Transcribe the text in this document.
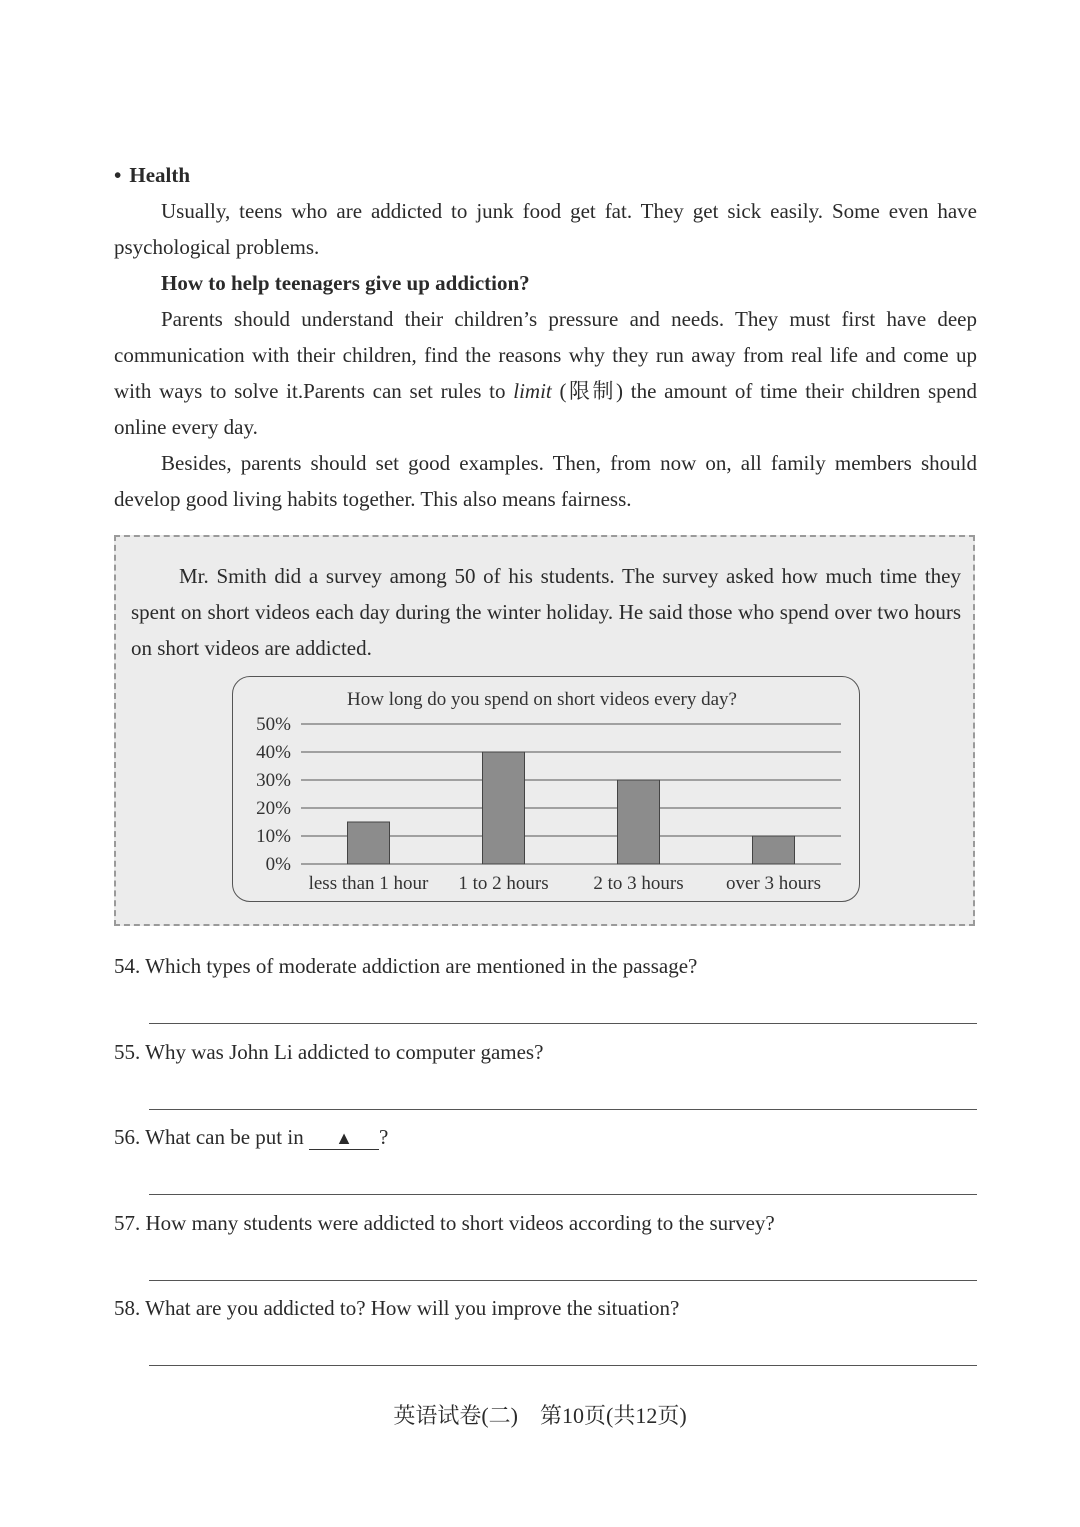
• Health

Usually, teens who are addicted to junk food get fat. They get sick easily. Some even have psychological problems.

How to help teenagers give up addiction?

Parents should understand their children’s pressure and needs. They must first have deep communication with their children, find the reasons why they run away from real life and come up with ways to solve it.Parents can set rules to limit (限制) the amount of time their children spend online every day.

Besides, parents should set good examples. Then, from now on, all family members should develop good living habits together. This also means fairness.

Mr. Smith did a survey among 50 of his students. The survey asked how much time they spent on short videos each day during the winter holiday. He said those who spend over two hours on short videos are addicted.

How long do you spend on short videos every day?
0%
10%
20%
30%
40%
50%
less than 1 hour 1 to 2 hours 2 to 3 hours over 3 hours
54. Which types of moderate addiction are mentioned in the passage?
55. Why was John Li addicted to computer games?
56. What can be put in ▲ ?
57. How many students were addicted to short videos according to the survey?
58. What are you addicted to? How will you improve the situation?
英语试卷(二)　第10页(共12页)
